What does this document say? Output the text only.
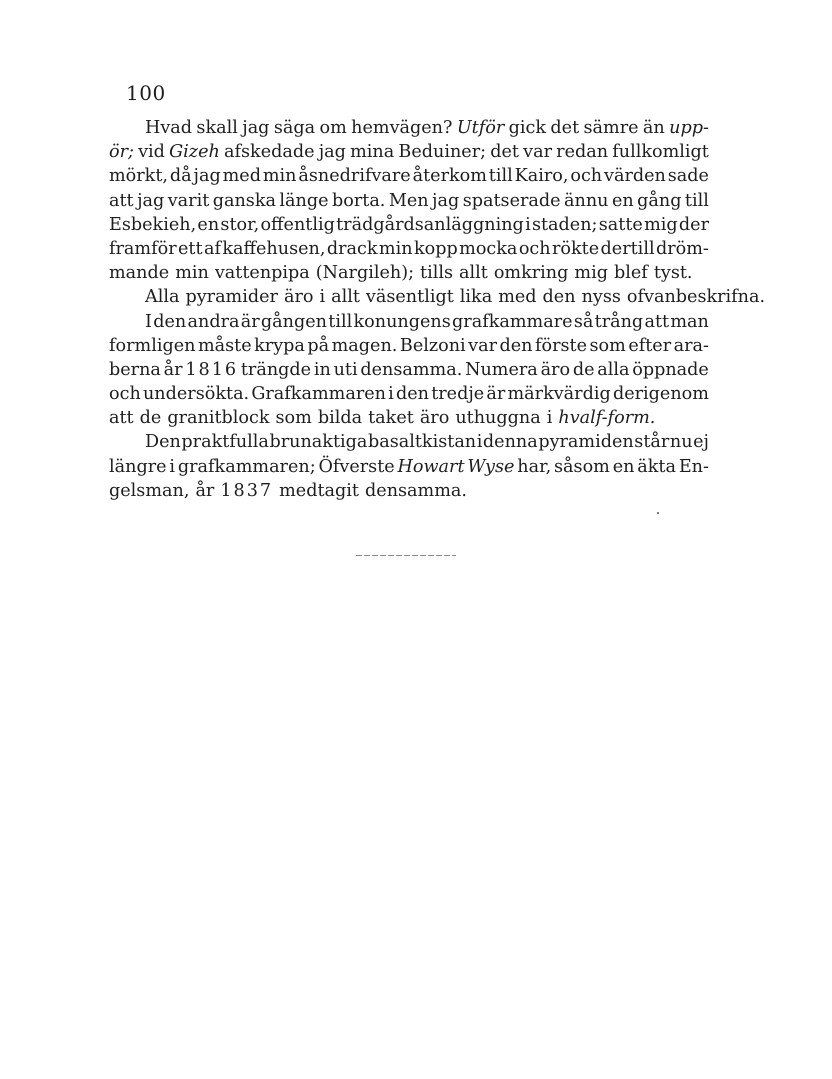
100
Hvad skall jag säga om hemvägen? Utför gick det sämre än upp-
ör; vid Gizeh afskedade jag mina Beduiner; det var redan fullkomligt
mörkt, då jag med min åsnedrifvare återkom till Kairo, och värden sade
att jag varit ganska länge borta. Men jag spatserade ännu en gång till
Esbekieh, en stor, offentlig trädgårdsanläggning i staden; satte mig der
framför ett af kaffehusen, drack min kopp mocka och rökte dertill dröm-
mande min vattenpipa (Nargileh); tills allt omkring mig blef tyst.
Alla pyramider äro i allt väsentligt lika med den nyss ofvanbeskrifna.
I den andra är gången till konungens grafkammare så trång att man
formligen måste krypa på magen. Belzoni var den förste som efter ara-
berna år 1816 trängde in uti densamma. Numera äro de alla öppnade
och undersökta. Grafkammaren i den tredje är märkvärdig derigenom
att de granitblock som bilda taket äro uthuggna i hvalf-form.
Den praktfulla brunaktiga basaltkistan i denna pyramiden står nu ej
längre i grafkammaren; Öfverste Howart Wyse har, såsom en äkta En-
gelsman, år 1837 medtagit densamma.
